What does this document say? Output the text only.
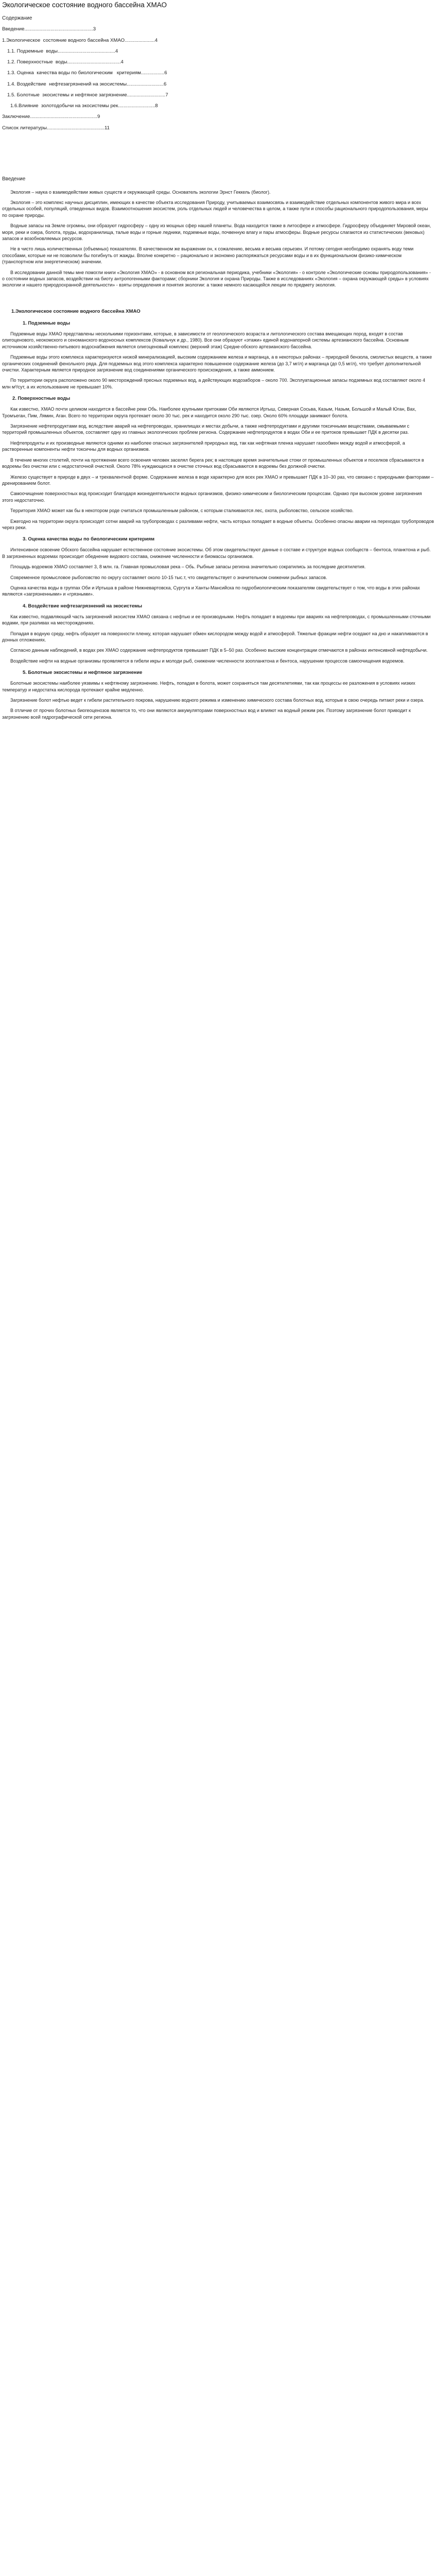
Экологическое состояние водного бассейна ХМАО
Содержание
Введение..................................................3
1.Экологическое  состояние водного бассейна ХМАО......................4
1.1. Подземные  воды..........................................4
1.2. Поверхностные  воды.......................................4
1.3. Оценка  качества воды по биологическим   критериям.................6
1.4. Воздействие  нефтезагрязнений на экосистемы...........................6
1.5. Болотные  экосистемы и нефтяное загрязнение............................7
1.6.Влияние  золотодобычи на экосистемы рек...........................8
Заключение.................................................9
Список литературы..........................................11
Введение

Экология – наука о взаимодействии живых существ и окружающей среды. Основатель экологии Эрнст Геккель (биолог).

Экология – это комплекс научных дисциплин, имеющих в качестве объекта исследования Природу, учитываемых взаимосвязь и взаимодействие отдельных компонентов живого мира и всех отдельных особей, популяций, отведенных видов. Взаимоотношения экосистем, роль отдельных людей и человечества в целом, а также пути и способы рационального природопользования, меры по охране природы.

Водные запасы на Земле огромны, они образуют гидросферу – одну из мощных сфер нашей планеты. Вода находится также в литосфере и атмосфере. Гидросферу объединяет Мировой океан, моря, реки и озера, болота, пруды, водохранилища, талые воды и горные ледники, подземные воды, почвенную влагу и пары атмосферы. Водные ресурсы слагаются из статистических (вековых) запасов и возобновляемых ресурсов.

Не в чисто лишь количественных (объемных) показателях. В качественном же выражении он, к сожалению, весьма и весьма серьезен. И потому сегодня необходимо охранять воду теми способами, которые ни не позволили бы погибнуть от жажды. Вполне конкретно – рационально и экономно распоряжаться ресурсами воды и в их функциональном физико-химическом (транспортном или энергетическом) значении.

В исследовании данной темы мне помогли книги «Экология ХМАО» - в основном вся региональная периодика, учебники «Экология» - о контроле «Экологические основы природопользования» - о состоянии водных запасов, воздействии на биоту антропогенными факторами; сборники Экология и охрана Природы. Также в исследованиях «Экология – охрана окружающей среды» в условиях экологии и нашего природоохранной деятельности» - взяты определения и понятия экологии: а также немного касающейся лекции по предмету экология.

1.Экологическое состояние водного бассейна ХМАО
1. Подземные воды

Подземные воды ХМАО представлены несколькими горизонтами, которые, в зависимости от геологического возраста и литологического состава вмещающих пород, входят в состав олигоценового, неокомского и сеноманского водоносных комплексов (Ковальчук и др., 1980). Все они образуют «этажи» единой водонапорной системы артезианского бассейна. Основным источником хозяйственно-питьевого водоснабжения является олигоценовый комплекс (верхний этаж) Средне-обского артезианского бассейна.

Подземные воды этого комплекса характеризуются низкой минерализацией, высоким содержанием железа и марганца, а в некоторых районах – природной бензола, смолистых веществ, а также органических соединений фенольного ряда. Для подземных вод этого комплекса характерно повышенное содержание железа (до 3,7 мг/л) и марганца (до 0,5 мг/л), что требует дополнительной очистки. Характерным является природное загрязнение вод соединениями органического происхождения, а также аммонием.

По территории округа расположено около 90 месторождений пресных подземных вод, а действующих водозаборов – около 700. Эксплуатационные запасы подземных вод составляют около 4 млн м³/сут, а их использование не превышает 10%.

2. Поверхностные воды

Как известно, ХМАО почти целиком находится в бассейне реки Обь. Наиболее крупными притоками Оби являются Иртыш, Северная Сосьва, Казым, Назым, Большой и Малый Юган, Вах, Тромъеган, Пим, Лямин, Аган. Всего по территории округа протекает около 30 тыс. рек и находится около 290 тыс. озер. Около 60% площади занимают болота.

Загрязнение нефтепродуктами вод, вследствие аварий на нефтепроводах, хранилищах и местах добычи, а также нефтепродуктами и другими токсичными веществами, смываемыми с территорий промышленных объектов, составляет одну из главных экологических проблем региона. Содержание нефтепродуктов в водах Оби и ее притоков превышает ПДК в десятки раз.

Нефтепродукты и их производные являются одними из наиболее опасных загрязнителей природных вод, так как нефтяная пленка нарушает газообмен между водой и атмосферой, а растворенные компоненты нефти токсичны для водных организмов.

В течение многих столетий, почти на протяжении всего освоения человек заселял берега рек; в настоящее время значительные стоки от промышленных объектов и поселков сбрасываются в водоемы без очистки или с недостаточной очисткой. Около 78% нуждающихся в очистке сточных вод сбрасываются в водоемы без должной очистки.

Железо существует в природе в двух – и трехвалентной форме. Содержание железа в воде характерно для всех рек ХМАО и превышает ПДК в 10–30 раз, что связано с природными факторами – дренированием болот.

Самоочищение поверхностных вод происходит благодаря жизнедеятельности водных организмов, физико-химическим и биологическим процессам. Однако при высоком уровне загрязнения этого недостаточно.

Территория ХМАО может как бы в некотором роде считаться промышленным районом, с которым сталкиваются лес, охота, рыболовство, сельское хозяйство.

Ежегодно на территории округа происходят сотни аварий на трубопроводах с разливами нефти, часть которых попадает в водные объекты. Особенно опасны аварии на переходах трубопроводов через реки.

3. Оценка качества воды по биологическим критериям

Интенсивное освоение Обского бассейна нарушает естественное состояние экосистемы. Об этом свидетельствуют данные о составе и структуре водных сообществ – бентоса, планктона и рыб. В загрязненных водоемах происходит обеднение видового состава, снижение численности и биомассы организмов.

Площадь водоемов ХМАО составляет 3, 8 млн. га. Главная промысловая река – Обь. Рыбные запасы региона значительно сократились за последние десятилетия.

Современное промысловое рыболовство по округу составляет около 10-15 тыс.т, что свидетельствует о значительном снижении рыбных запасов.

Оценка качества воды в группах Оби и Иртыша в районе Нижневартовска, Сургута и Ханты-Мансийска по гидробиологическим показателям свидетельствует о том, что воды в этих районах являются «загрязненными» и «грязными».

4. Воздействие нефтезагрязнений на экосистемы

Как известно, подавляющий часть загрязнений экосистем ХМАО связана с нефтью и ее производными. Нефть попадает в водоемы при авариях на нефтепроводах, с промышленными сточными водами, при разливах на месторождениях.

Попадая в водную среду, нефть образует на поверхности пленку, которая нарушает обмен кислородом между водой и атмосферой. Тяжелые фракции нефти оседают на дно и накапливаются в донных отложениях.

Согласно данным наблюдений, в водах рек ХМАО содержание нефтепродуктов превышает ПДК в 5–50 раз. Особенно высокие концентрации отмечаются в районах интенсивной нефтедобычи.

Воздействие нефти на водные организмы проявляется в гибели икры и молоди рыб, снижении численности зоопланктона и бентоса, нарушении процессов самоочищения водоемов.

5. Болотные экосистемы и нефтяное загрязнение

Болотные экосистемы наиболее уязвимы к нефтяному загрязнению. Нефть, попадая в болота, может сохраняться там десятилетиями, так как процессы ее разложения в условиях низких температур и недостатка кислорода протекают крайне медленно.

Загрязнение болот нефтью ведет к гибели растительного покрова, нарушению водного режима и изменению химического состава болотных вод, которые в свою очередь питают реки и озера.

В отличие от прочих болотных биогеоценозов является то, что они являются аккумуляторами поверхностных вод и влияют на водный режим рек. Поэтому загрязнение болот приводит к загрязнению всей гидрографической сети региона.
